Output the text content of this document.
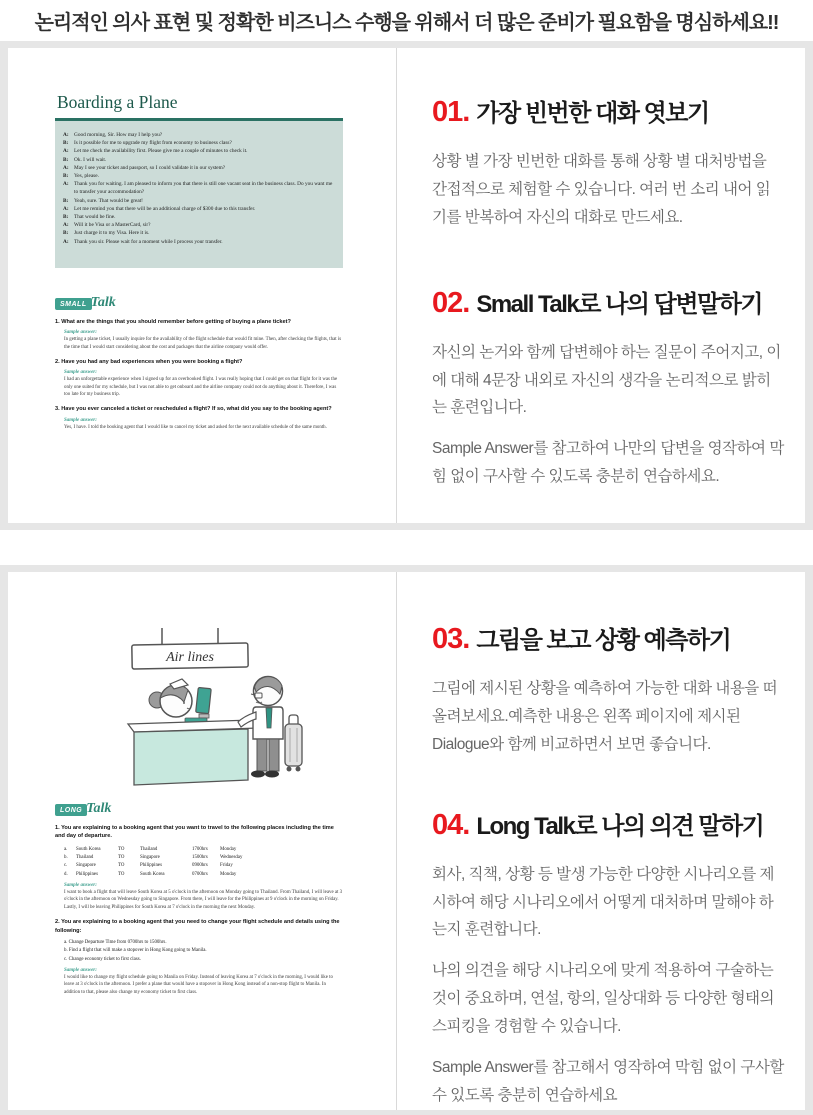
논리적인 의사 표현 및 정확한 비즈니스 수행을 위해서 더 많은 준비가 필요함을 명심하세요!!
Boarding a Plane
A:	Good morning, Sir. How may I help you?
B:	Is it possible for me to upgrade my flight from economy to business class?
A:	Let me check the availability first. Please give me a couple of minutes to check it.
B:	Ok. I will wait.
A:	May I see your ticket and passport, so I could validate it in our system?
B:	Yes, please.
A:	Thank you for waiting. I am pleased to inform you that there is still one vacant seat in the business class. Do you want me to transfer your accommodation?
B:	Yeah, sure. That would be great!
A:	Let me remind you that there will be an additional charge of $300 due to this transfer.
B:	That would be fine.
A:	Will it be Visa or a MasterCard, sir?
B:	Just charge it to my Visa. Here it is.
A:	Thank you sir. Please wait for a moment while I process your transfer.
SMALL Talk
1. What are the things that you should remember before getting of buying a plane ticket?
Sample answer:
In getting a plane ticket, I usually inquire for the availability of the flight schedule that would fit mine. Then, after checking the flights, that is the time that I would start considering about the cost and packages that the airline company would offer.
2. Have you had any bad experiences when you were booking a flight?
Sample answer:
I had an unforgettable experience when I signed up for an overbooked flight. I was really hoping that I could get on that flight for it was the only one suited for my schedule, but I was not able to get onboard and the airline company could not do anything about it. Therefore, I was too late for my business trip.
3. Have you ever canceled a ticket or rescheduled a flight? If so, what did you say to the booking agent?
Sample answer:
Yes, I have. I told the booking agent that I would like to cancel my ticket and asked for the next available schedule of the same month.
01. 가장 빈번한 대화 엿보기

상황 별 가장 빈번한 대화를 통해 상황 별 대처방법을 간접적으로 체험할 수 있습니다. 여러 번 소리 내어 읽기를 반복하여 자신의 대화로 만드세요.

02. Small Talk로 나의 답변말하기

자신의 논거와 함께 답변해야 하는 질문이 주어지고, 이에 대해 4문장 내외로 자신의 생각을 논리적으로 밝히는 훈련입니다.

Sample Answer를 참고하여 나만의 답변을 영작하여 막힘 없이 구사할 수 있도록 충분히 연습하세요.

Air lines
LONG Talk
1. You are explaining to a booking agent that you want to travel to the following places including the time and day of departure.
a.	South Korea	TO	Thailand	1700hrs	Monday
b.	Thailand	TO	Singapore	1500hrs	Wednesday
c.	Singapore	TO	Philippines	0900hrs	Friday
d.	Philippines	TO	South Korea	0700hrs	Monday
Sample answer:
I want to book a flight that will leave South Korea at 5 o'clock in the afternoon on Monday going to Thailand. From Thailand, I will leave at 3 o'clock in the afternoon on Wednesday going to Singapore. From there, I will leave for the Philippines at 9 o'clock in the morning on Friday. Lastly, I will be leaving Philippines for South Korea at 7 o'clock in the morning the next Monday.
2. You are explaining to a booking agent that you need to change your flight schedule and details using the following:
a. Change Departure Time from 0700hrs to 1500hrs.
b. Find a flight that will make a stopover in Hong Kong going to Manila.
c. Change economy ticket to first class.
Sample answer:
I would like to change my flight schedule going to Manila on Friday. Instead of leaving Korea at 7 o'clock in the morning, I would like to leave at 3 o'clock in the afternoon. I prefer a plane that would have a stopover in Hong Kong instead of a non-stop flight to Manila. In addition to that, please also change my economy ticket to first class.
03. 그림을 보고 상황 예측하기

그림에 제시된 상황을 예측하여 가능한 대화 내용을 떠올려보세요.예측한 내용은 왼쪽 페이지에 제시된 Dialogue와 함께 비교하면서 보면 좋습니다.

04. Long Talk로 나의 의견 말하기

회사, 직책, 상황 등 발생 가능한 다양한 시나리오를 제시하여 해당 시나리오에서 어떻게 대처하며 말해야 하는지 훈련합니다.

나의 의견을 해당 시나리오에 맞게 적용하여 구술하는것이 중요하며, 연설, 항의, 일상대화 등 다양한 형태의 스피킹을 경험할 수 있습니다.

Sample Answer를 참고해서 영작하여 막힘 없이 구사할 수 있도록 충분히 연습하세요
